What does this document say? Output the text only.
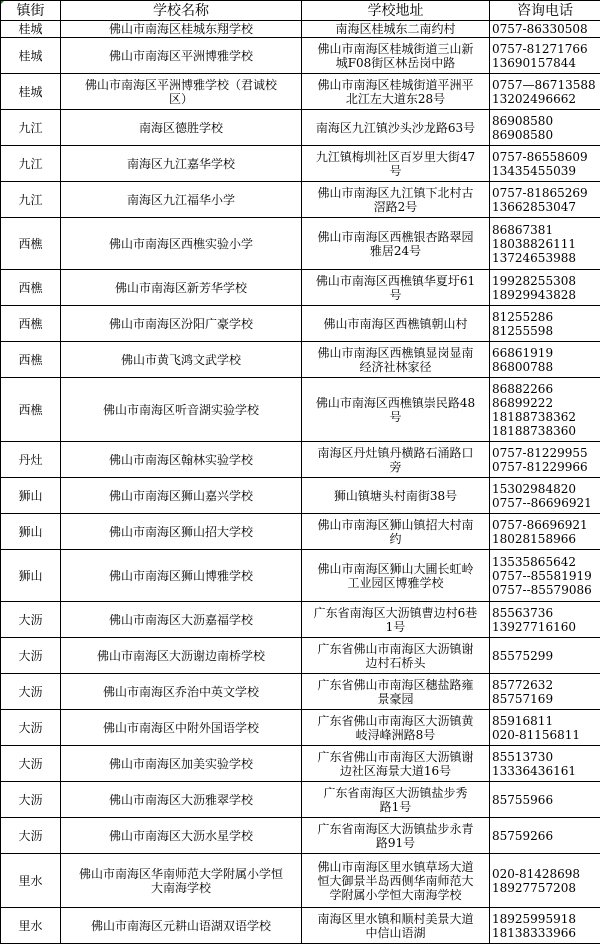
镇街	学校名称	学校地址	咨询电话
桂城	佛山市南海区桂城东翔学校	南海区桂城东二南约村	0757-86330508

桂城	佛山市南海区平洲博雅学校	佛山市南海区桂城街道三山新
城F08街区林岳岗中路	0757-81271766
13690157844

桂城	佛山市南海区平洲博雅学校（君诚校
区）	佛山市南海区桂城街道平洲平
北江左大道东28号	0757—86713588
13202496662

九江	南海区德胜学校	南海区九江镇沙头沙龙路63号	86908580
86908580

九江	南海区九江嘉华学校	九江镇梅圳社区百岁里大街47
号	0757-86558609
13435455039

九江	南海区九江福华小学	佛山市南海区九江镇下北村古
滘路2号	0757-81865269
13662853047

西樵	佛山市南海区西樵实验小学	佛山市南海区西樵银杏路翠园
雅居24号	86867381
18038826111
13724653988

西樵	佛山市南海区新芳华学校	佛山市南海区西樵镇华夏圩61
号	19928255308
18929943828

西樵	佛山市南海区汾阳广豪学校	佛山市南海区西樵镇朝山村	81255286
81255598

西樵	佛山市黄飞鸿文武学校	佛山市南海区西樵镇显岗显南
经济社林家径	66861919
86800788

西樵	佛山市南海区听音湖实验学校	佛山市南海区西樵镇崇民路48
号	86882266
86899222
18188738362
18188738360

丹灶	佛山市南海区翰林实验学校	南海区丹灶镇丹横路石涌路口
旁	0757-81229955
0757-81229966

狮山	佛山市南海区狮山嘉兴学校	狮山镇塘头村南街38号	15302984820
0757--86696921

狮山	佛山市南海区狮山招大学校	佛山市南海区狮山镇招大村南
约	0757-86696921
18028158966

狮山	佛山市南海区狮山博雅学校	佛山市南海区狮山大圃长虹岭
工业园区博雅学校	13535865642
0757--85581919
0757--85579086

大沥	佛山市南海区大沥嘉福学校	广东省南海区大沥镇曹边村6巷
1号	85563736
13927716160

大沥	佛山市南海区大沥谢边南桥学校	广东省佛山市南海区大沥镇谢
边村石桥头	85575299

大沥	佛山市南海区乔治中英文学校	广东省佛山市南海区穗盐路雍
景豪园	85772632
85757169

大沥	佛山市南海区中附外国语学校	广东省佛山市南海区大沥镇黄
岐浔峰洲路8号	85916811
020-81156811

大沥	佛山市南海区加美实验学校	广东省佛山市南海区大沥镇谢
边社区海景大道16号	85513730
13336436161

大沥	佛山市南海区大沥雅翠学校	广东省南海区大沥镇盐步秀
路1号	85755966

大沥	佛山市南海区大沥水星学校	广东省南海区大沥镇盐步永青
路91号	85759266

里水	佛山市南海区华南师范大学附属小学恒
大南海学校	佛山市南海区里水镇草场大道
恒大御景半岛西侧华南师范大
学附属小学恒大南海学校	020-81428698
18927757208

里水	佛山市南海区元耕山语湖双语学校	南海区里水镇和顺村美景大道
中信山语湖	18925995918
18138333966
